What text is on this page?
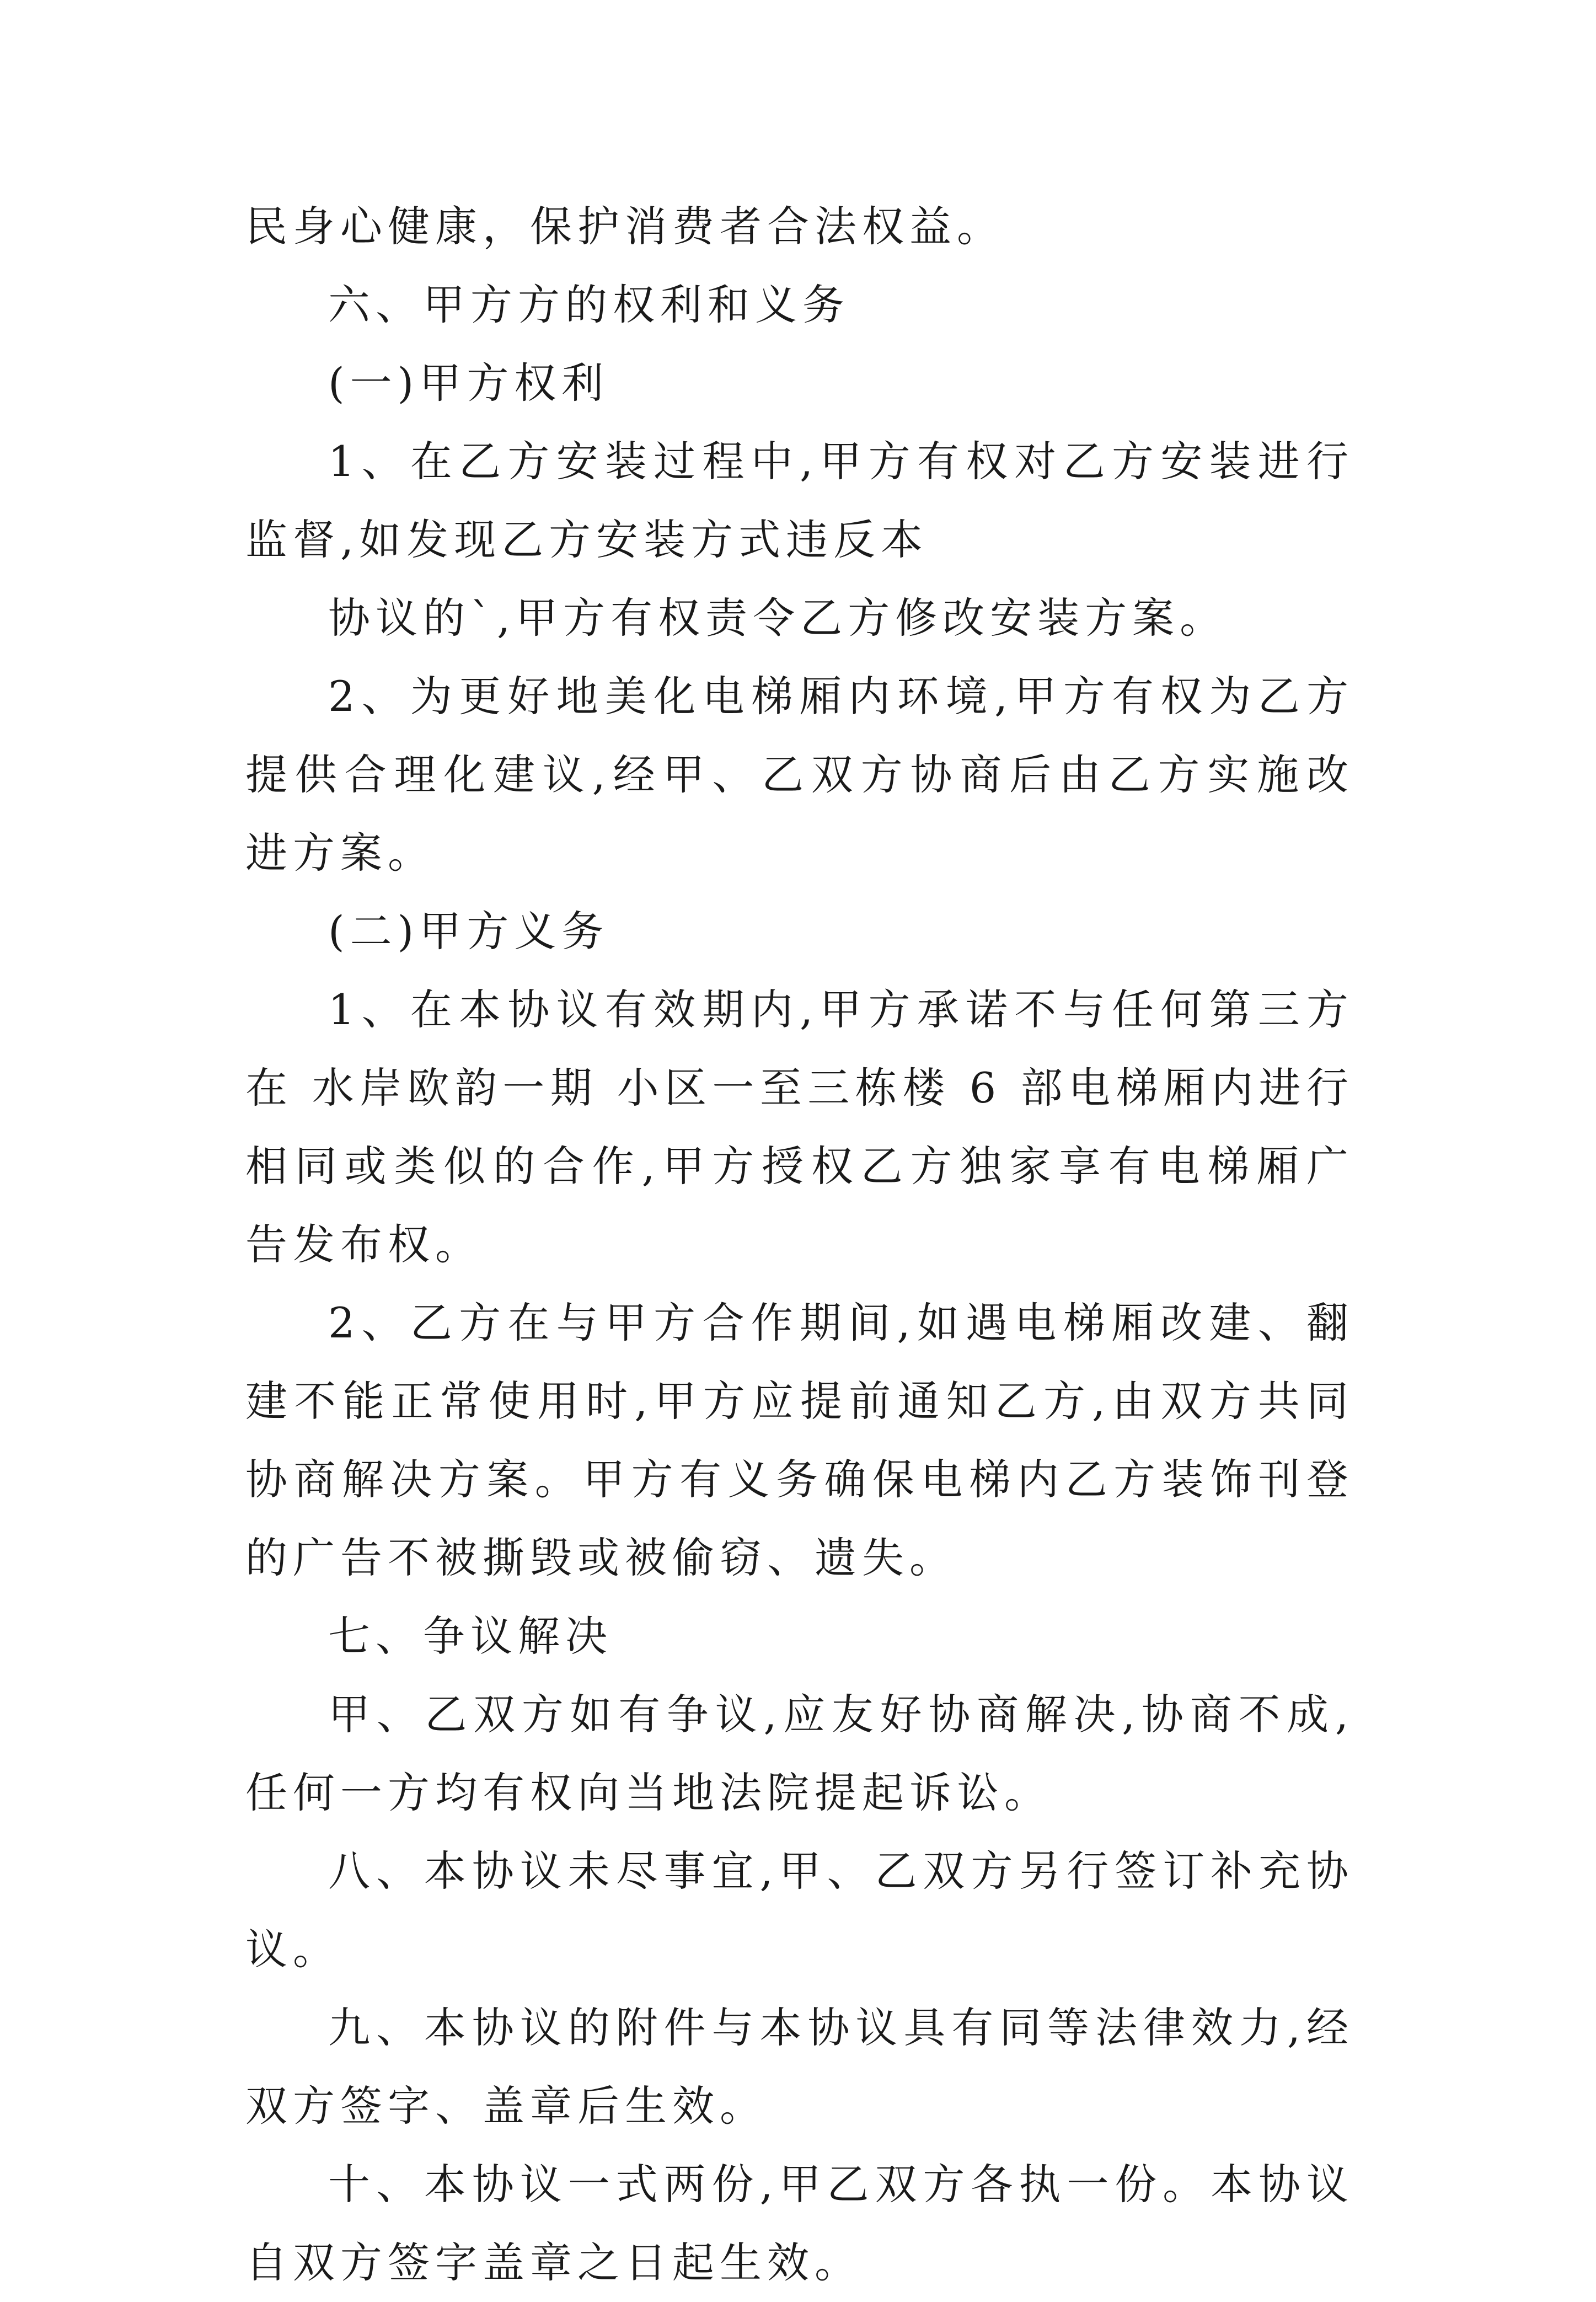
民身心健康，保护消费者合法权益。

六、甲方方的权利和义务

(一)甲方权利

1、在乙方安装过程中,甲方有权对乙方安装进行监督,如发现乙方安装方式违反本

协议的`,甲方有权责令乙方修改安装方案。

2、为更好地美化电梯厢内环境,甲方有权为乙方提供合理化建议,经甲、乙双方协商后由乙方实施改进方案。

(二)甲方义务

1、在本协议有效期内,甲方承诺不与任何第三方在 水岸欧韵一期 小区一至三栋楼 6 部电梯厢内进行相同或类似的合作,甲方授权乙方独家享有电梯厢广告发布权。

2、乙方在与甲方合作期间,如遇电梯厢改建、翻建不能正常使用时,甲方应提前通知乙方,由双方共同协商解决方案。甲方有义务确保电梯内乙方装饰刊登的广告不被撕毁或被偷窃、遗失。

七、争议解决

甲、乙双方如有争议,应友好协商解决,协商不成,任何一方均有权向当地法院提起诉讼。

八、本协议未尽事宜,甲、乙双方另行签订补充协议。

九、本协议的附件与本协议具有同等法律效力,经双方签字、盖章后生效。

十、本协议一式两份,甲乙双方各执一份。本协议自双方签字盖章之日起生效。
